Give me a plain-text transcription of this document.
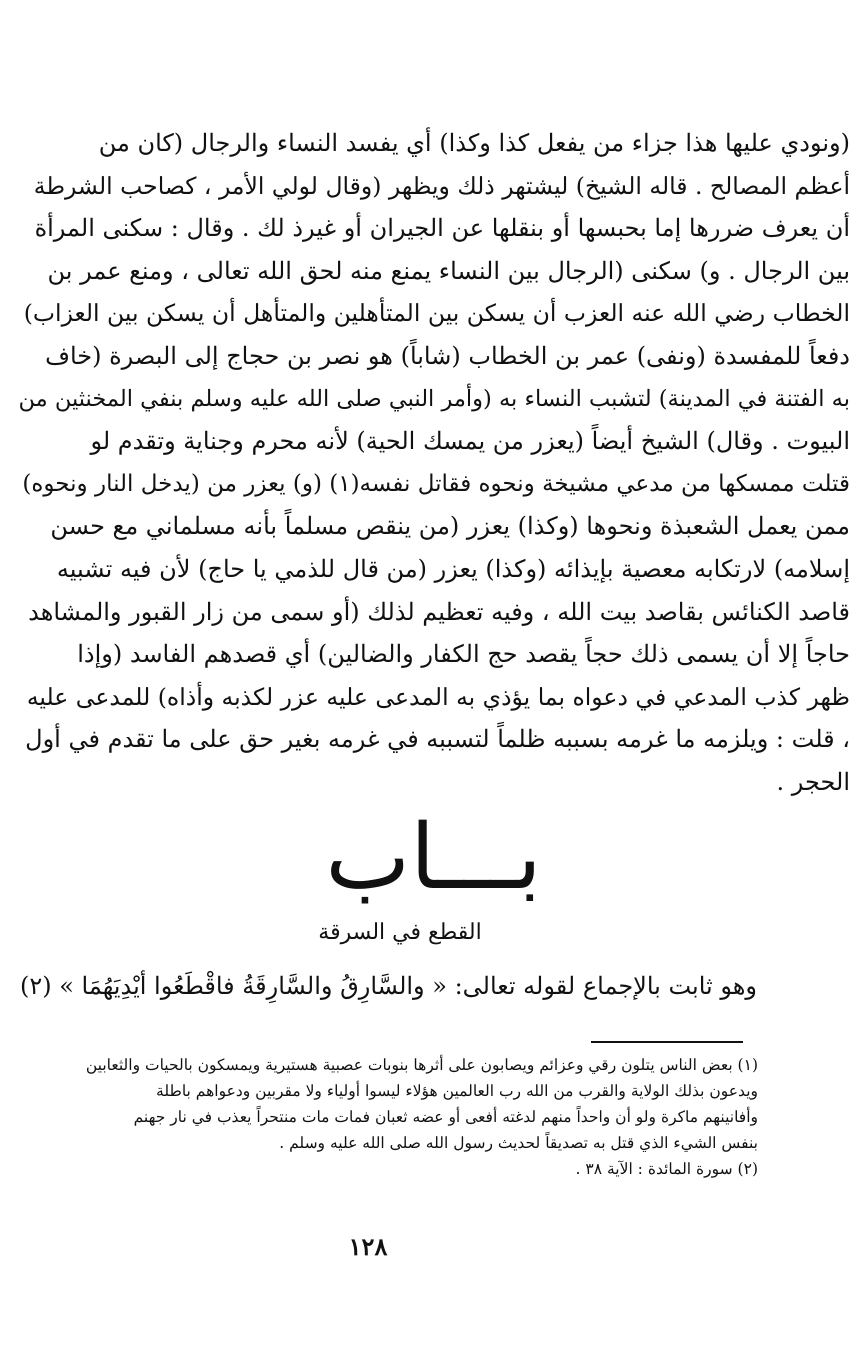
(ونودي عليها هذا جزاء من يفعل كذا وكذا) أي يفسد النساء والرجال (كان من
أعظم المصالح . قاله الشيخ) ليشتهر ذلك ويظهر (وقال لولي الأمر ، كصاحب الشرطة
أن يعرف ضررها إما بحبسها أو بنقلها عن الجيران أو غيرذ لك . وقال : سكنى المرأة
بين الرجال . و) سكنى (الرجال بين النساء يمنع منه لحق الله تعالى ، ومنع عمر بن
الخطاب رضي الله عنه العزب أن يسكن بين المتأهلين والمتأهل أن يسكن بين العزاب)
دفعاً للمفسدة (ونفى) عمر بن الخطاب (شاباً) هو نصر بن حجاج إلى البصرة (خاف
به الفتنة في المدينة) لتشبب النساء به (وأمر النبي صلى الله عليه وسلم بنفي المخنثين من
البيوت . وقال) الشيخ أيضاً (يعزر من يمسك الحية) لأنه محرم وجناية وتقدم لو
قتلت ممسكها من مدعي مشيخة ونحوه فقاتل نفسه(١) (و) يعزر من (يدخل النار ونحوه)
ممن يعمل الشعبذة ونحوها (وكذا) يعزر (من ينقص مسلماً بأنه مسلماني مع حسن
إسلامه) لارتكابه معصية بإيذائه (وكذا) يعزر (من قال للذمي يا حاج) لأن فيه تشبيه
قاصد الكنائس بقاصد بيت الله ، وفيه تعظيم لذلك (أو سمى من زار القبور والمشاهد
حاجاً إلا أن يسمى ذلك حجاً يقصد حج الكفار والضالين) أي قصدهم الفاسد (وإذا
ظهر كذب المدعي في دعواه بما يؤذي به المدعى عليه عزر لكذبه وأذاه) للمدعى عليه
، قلت : ويلزمه ما غرمه بسببه ظلماً لتسببه في غرمه بغير حق على ما تقدم في أول
الحجر .
بـــاب
القطع في السرقة
وهو ثابت بالإجماع لقوله تعالى: « والسَّارِقُ والسَّارِقَةُ فاقْطَعُوا أيْدِيَهُمَا » (٢)
(١) بعض الناس يتلون رقي وعزائم ويصابون على أثرها بنوبات عصبية هستيرية ويمسكون بالحيات والثعابين
ويدعون بذلك الولاية والقرب من الله رب العالمين هؤلاء ليسوا أولياء ولا مقربين ودعواهم باطلة
وأفانينهم ماكرة ولو أن واحداً منهم لدغته أفعى أو عضه ثعبان فمات مات منتحراً يعذب في نار جهنم
بنفس الشيء الذي قتل به تصديقاً لحديث رسول الله صلى الله عليه وسلم .
(٢) سورة المائدة : الآية ٣٨ .
١٢٨
